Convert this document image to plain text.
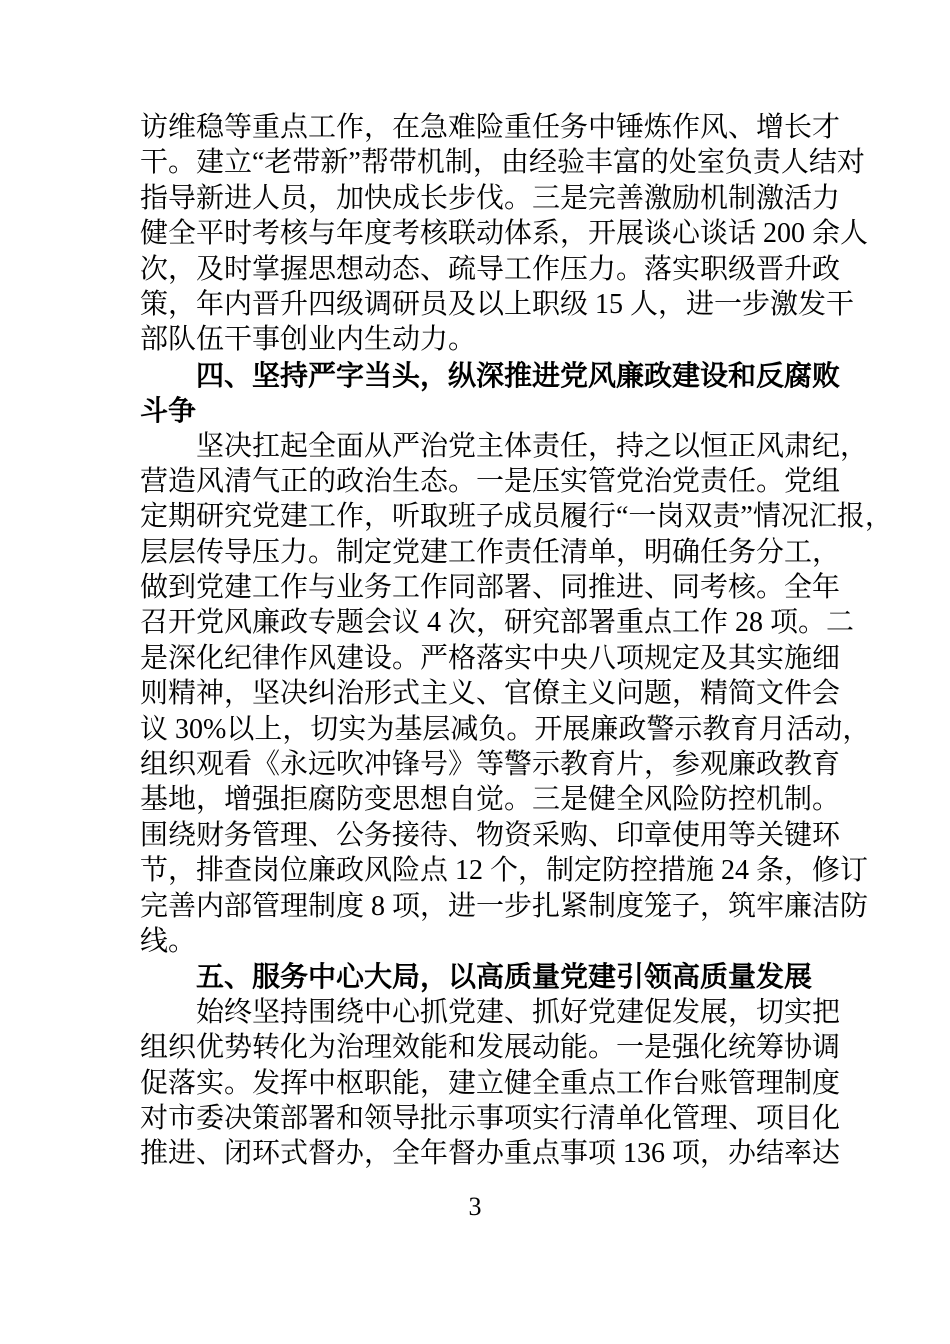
访维稳等重点工作，在急难险重任务中锤炼作风、增长才
干。建立“老带新”帮带机制，由经验丰富的处室负责人结对
指导新进人员，加快成长步伐。三是完善激励机制激活力
健全平时考核与年度考核联动体系，开展谈心谈话 200 余人
次，及时掌握思想动态、疏导工作压力。落实职级晋升政
策，年内晋升四级调研员及以上职级 15 人，进一步激发干
部队伍干事创业内生动力。
四、坚持严字当头，纵深推进党风廉政建设和反腐败
斗争
坚决扛起全面从严治党主体责任，持之以恒正风肃纪，
营造风清气正的政治生态。一是压实管党治党责任。党组
定期研究党建工作，听取班子成员履行“一岗双责”情况汇报，
层层传导压力。制定党建工作责任清单，明确任务分工，
做到党建工作与业务工作同部署、同推进、同考核。全年
召开党风廉政专题会议 4 次，研究部署重点工作 28 项。二
是深化纪律作风建设。严格落实中央八项规定及其实施细
则精神，坚决纠治形式主义、官僚主义问题，精简文件会
议 30%以上，切实为基层减负。开展廉政警示教育月活动，
组织观看《永远吹冲锋号》等警示教育片，参观廉政教育
基地，增强拒腐防变思想自觉。三是健全风险防控机制。
围绕财务管理、公务接待、物资采购、印章使用等关键环
节，排查岗位廉政风险点 12 个，制定防控措施 24 条，修订
完善内部管理制度 8 项，进一步扎紧制度笼子，筑牢廉洁防
线。
五、服务中心大局，以高质量党建引领高质量发展
始终坚持围绕中心抓党建、抓好党建促发展，切实把
组织优势转化为治理效能和发展动能。一是强化统筹协调
促落实。发挥中枢职能，建立健全重点工作台账管理制度
对市委决策部署和领导批示事项实行清单化管理、项目化
推进、闭环式督办，全年督办重点事项 136 项，办结率达
3
